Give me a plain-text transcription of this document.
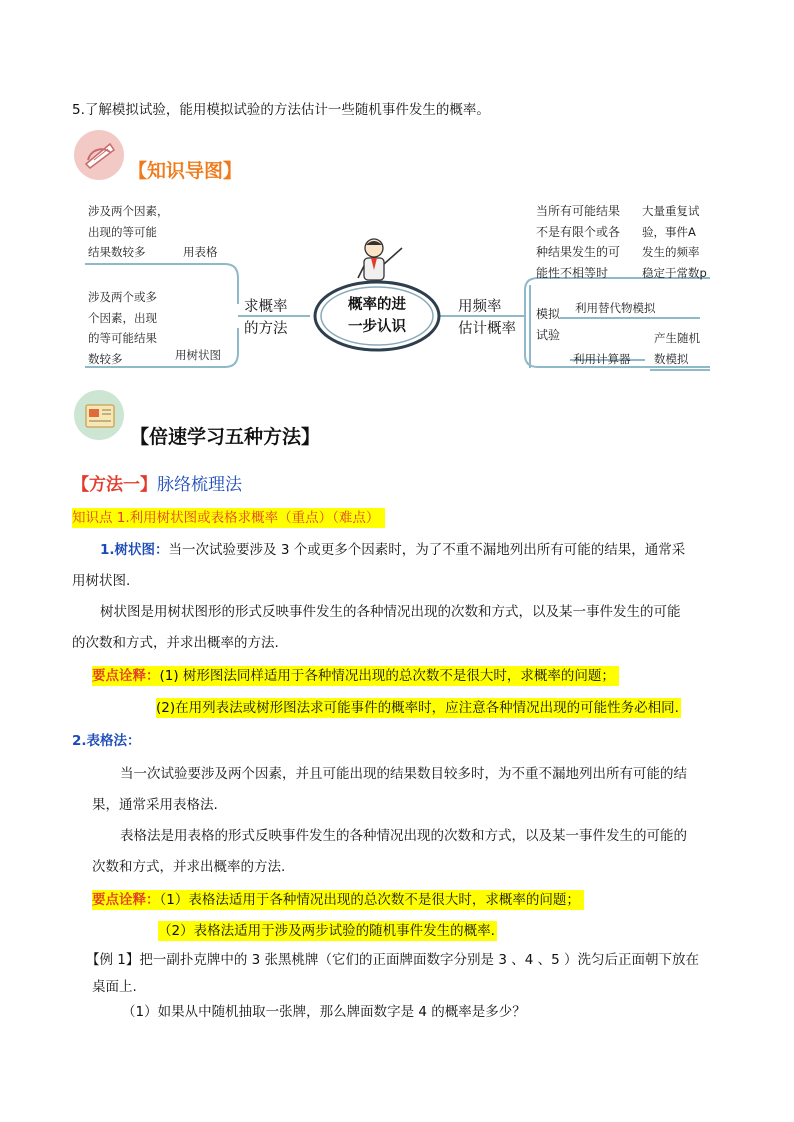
5.了解模拟试验，能用模拟试验的方法估计一些随机事件发生的概率。
【知识导图】
概率的进
一步认识
求概率
的方法
用频率
估计概率
涉及两个因素，
出现的等可能
结果数较多	用表格
涉及两个或多
个因素，出现
的等可能结果
数较多	用树状图
当所有可能结果
不是有限个或各
种结果发生的可
能性不相等时
大量重复试
验，事件A
发生的频率
稳定于常数p
模拟
试验
利用替代物模拟
利用计算器
产生随机
数模拟
【倍速学习五种方法】
【方法一】脉络梳理法
知识点 1.利用树状图或表格求概率（重点）（难点）
1.树状图：当一次试验要涉及 3 个或更多个因素时，为了不重不漏地列出所有可能的结果，通常采
用树状图.
树状图是用树状图形的形式反映事件发生的各种情况出现的次数和方式，以及某一事件发生的可能
的次数和方式，并求出概率的方法.
要点诠释：(1) 树形图法同样适用于各种情况出现的总次数不是很大时，求概率的问题；
(2)在用列表法或树形图法求可能事件的概率时，应注意各种情况出现的可能性务必相同.
2.表格法：
当一次试验要涉及两个因素，并且可能出现的结果数目较多时，为不重不漏地列出所有可能的结
果，通常采用表格法.
表格法是用表格的形式反映事件发生的各种情况出现的次数和方式，以及某一事件发生的可能的
次数和方式，并求出概率的方法.
要点诠释：（1）表格法适用于各种情况出现的总次数不是很大时，求概率的问题；
（2）表格法适用于涉及两步试验的随机事件发生的概率.
【例 1】把一副扑克牌中的 3 张黑桃牌（它们的正面牌面数字分别是 3 、4 、5 ）洗匀后正面朝下放在
桌面上.
（1）如果从中随机抽取一张牌，那么牌面数字是 4 的概率是多少？
